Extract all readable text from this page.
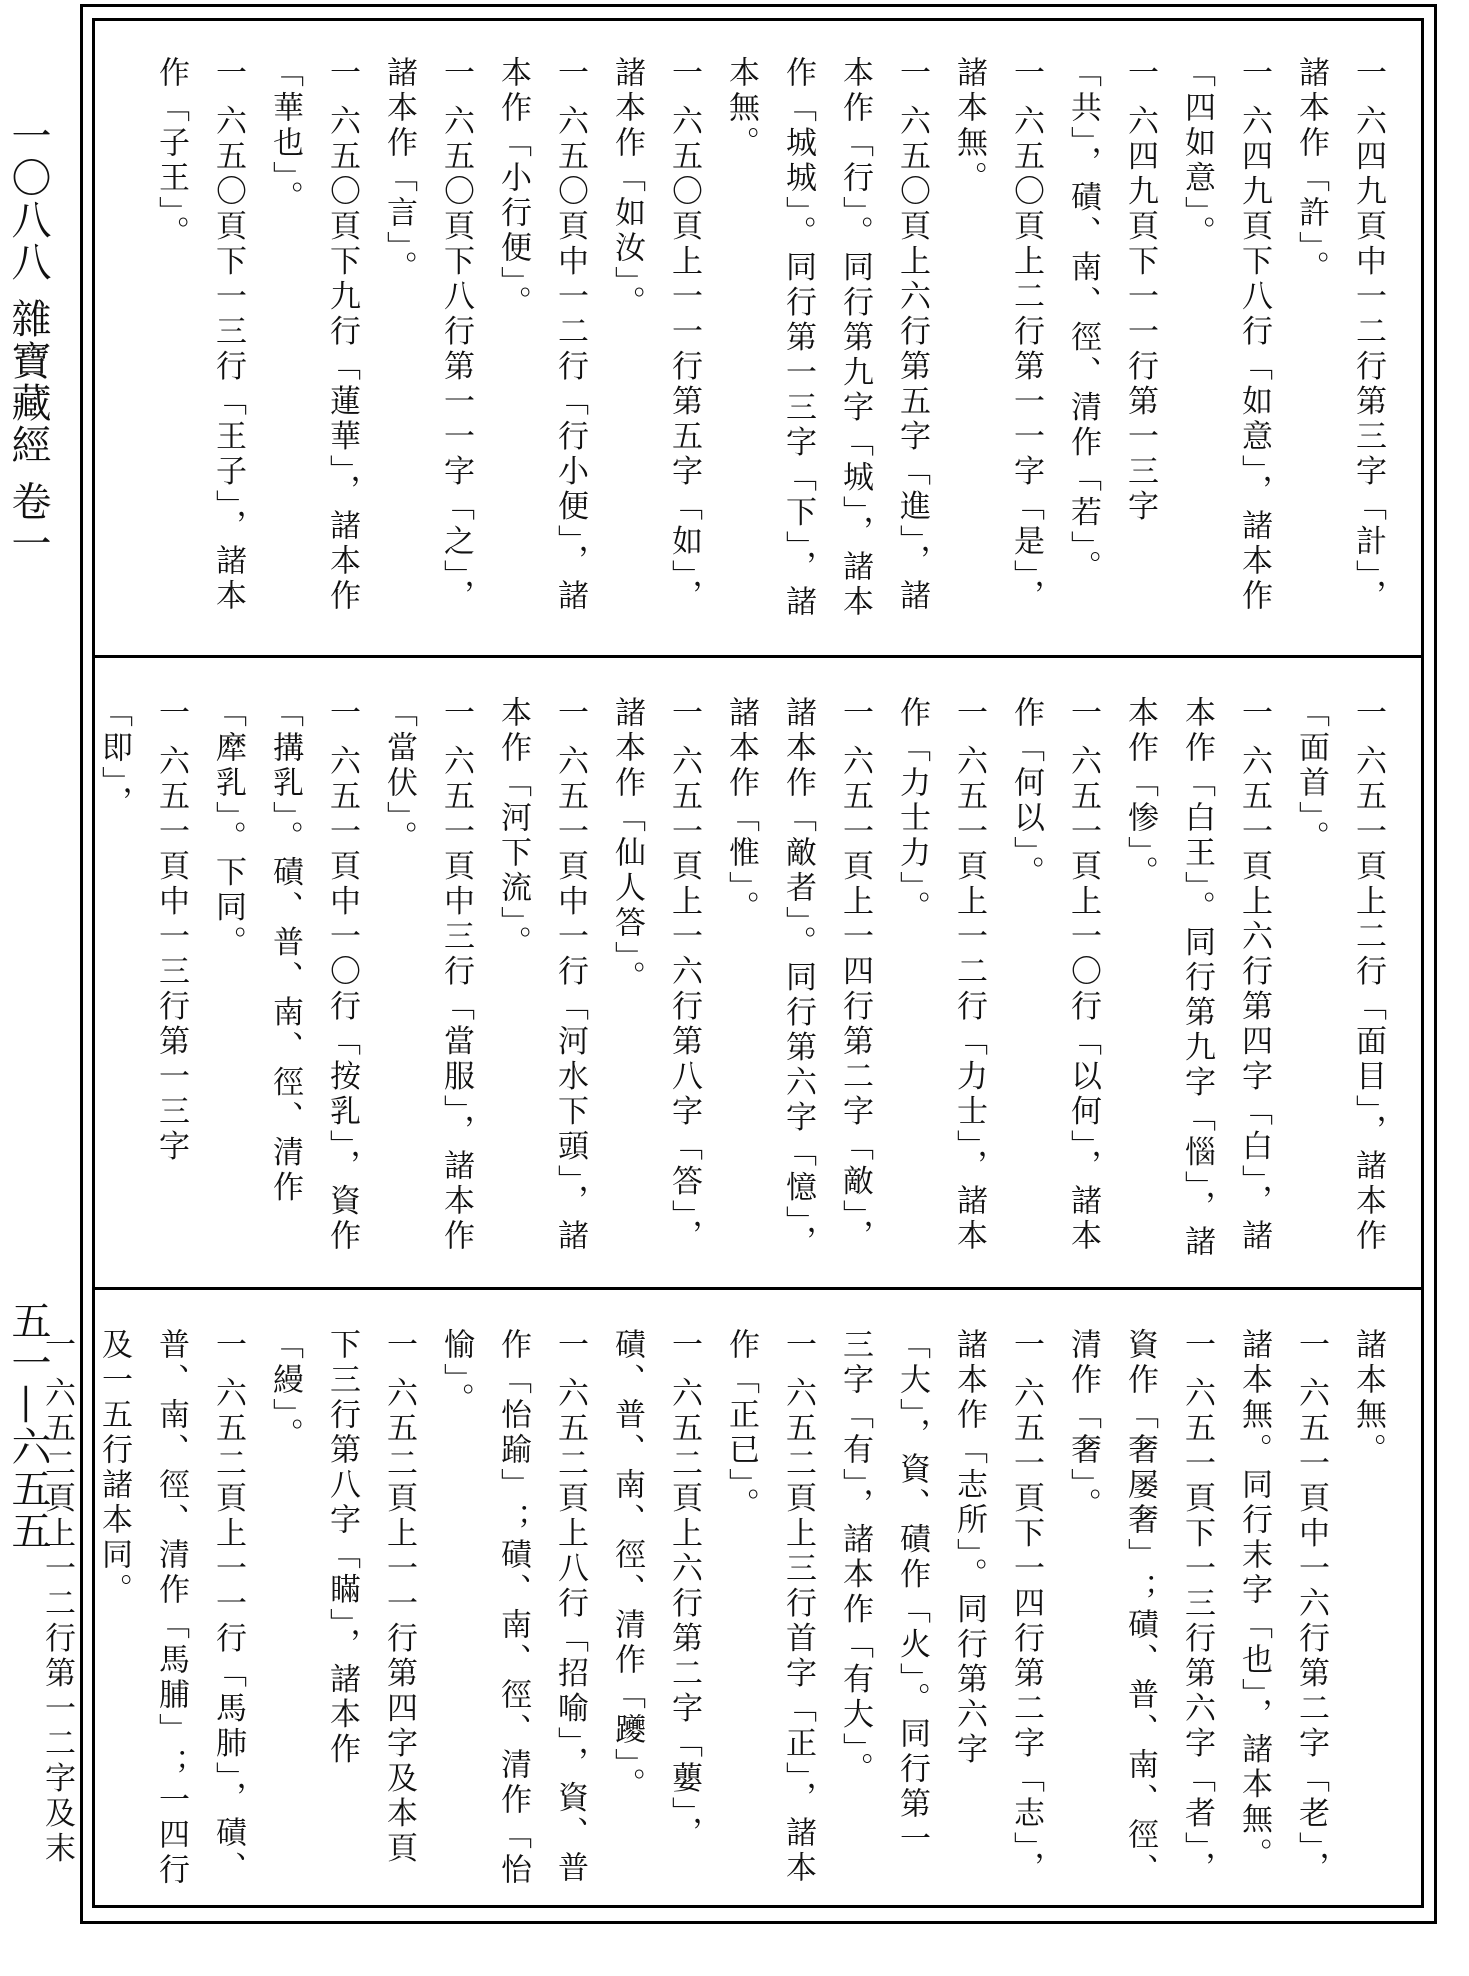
一〇八八 雜寶藏經 卷一
五一—六五五
一 六四九頁中一二行第三字「計」，諸本作「許」。
一 六四九頁下八行「如意」，諸本作「四如意」。
一 六四九頁下一一行第一三字「共」，磧、南、徑、清作「若」。
一 六五〇頁上二行第一一字「是」，諸本無。
一 六五〇頁上六行第五字「進」，諸本作「行」。同行第九字「城」，諸本作「城城」。同行第一三字「下」，諸本無。
一 六五〇頁上一一行第五字「如」，諸本作「如汝」。
一 六五〇頁中一二行「行小便」，諸本作「小行便」。
一 六五〇頁下八行第一一字「之」，諸本作「言」。
一 六五〇頁下九行「蓮華」，諸本作「華也」。
一 六五〇頁下一三行「王子」，諸本作「子王」。
一 六五一頁上二行「面目」，諸本作「面首」。
一 六五一頁上六行第四字「白」，諸本作「白王」。同行第九字「惱」，諸本作「惨」。
一 六五一頁上一〇行「以何」，諸本作「何以」。
一 六五一頁上一二行「力士」，諸本作「力士力」。
一 六五一頁上一四行第二字「敵」，諸本作「敵者」。同行第六字「憶」，諸本作「惟」。
一 六五一頁上一六行第八字「答」，諸本作「仙人答」。
一 六五一頁中一行「河水下頭」，諸本作「河下流」。
一 六五一頁中三行「當服」，諸本作「當伏」。
一 六五一頁中一〇行「按乳」，資作「搆乳」。磧、普、南、徑、清作「犘乳」。下同。
一 六五一頁中一三行第一三字「即」，
諸本無。
一 六五一頁中一六行第二字「老」，諸本無。同行末字「也」，諸本無。
一 六五一頁下一三行第六字「者」，資作「奢屡奢」；磧、普、南、徑、清作「奢」。
一 六五一頁下一四行第二字「志」，諸本作「志所」。同行第六字「大」，資、磧作「火」。同行第一三字「有」，諸本作「有大」。
一 六五二頁上三行首字「正」，諸本作「正已」。
一 六五二頁上六行第二字「蘡」，磧、普、南、徑、清作「躨」。
一 六五二頁上八行「招喻」，資、普作「怡踰」；磧、南、徑、清作「怡愉」。
一 六五二頁上一一行第四字及本頁下三行第八字「瞞」，諸本作「縵」。
一 六五二頁上一一行「馬肺」，磧、普、南、徑、清作「馬脯」；一四行及一五行諸本同。
一 六五二頁上一二行第一二字及末
